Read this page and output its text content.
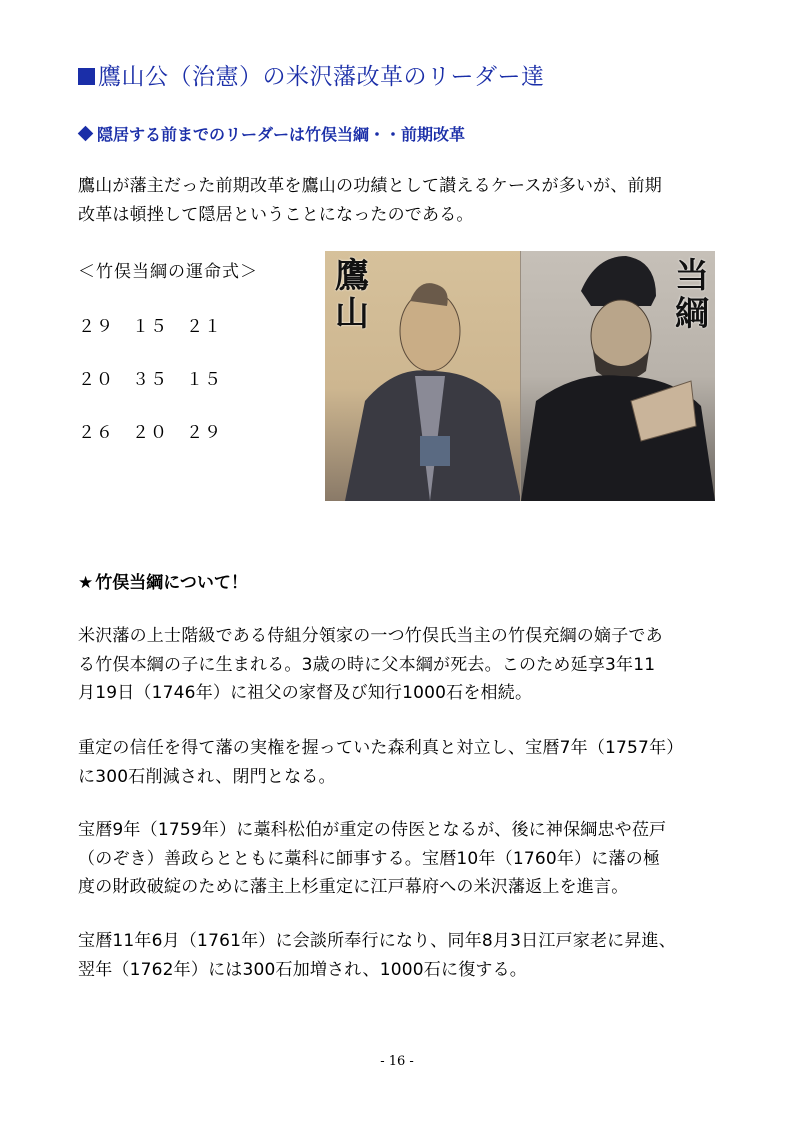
鷹山公（治憲）の米沢藩改革のリーダー達
隠居する前までのリーダーは竹俣当綱・・前期改革
鷹山が藩主だった前期改革を鷹山の功績として讃えるケースが多いが、前期
改革は頓挫して隠居ということになったのである。
＜竹俣当綱の運命式＞
２９　１５　２１
２０　３５　１５
２６　２０　２９
鷹山
当綱
★ 竹俣当綱について！
米沢藩の上士階級である侍組分領家の一つ竹俣氏当主の竹俣充綱の嫡子であ
る竹俣本綱の子に生まれる。3歳の時に父本綱が死去。このため延享3年11
月19日（1746年）に祖父の家督及び知行1000石を相続。
重定の信任を得て藩の実権を握っていた森利真と対立し、宝暦7年（1757年）
に300石削減され、閉門となる。
宝暦9年（1759年）に藁科松伯が重定の侍医となるが、後に神保綱忠や莅戸
（のぞき）善政らとともに藁科に師事する。宝暦10年（1760年）に藩の極
度の財政破綻のために藩主上杉重定に江戸幕府への米沢藩返上を進言。
宝暦11年6月（1761年）に会談所奉行になり、同年8月3日江戸家老に昇進、
翌年（1762年）には300石加増され、1000石に復する。
- 16 -
